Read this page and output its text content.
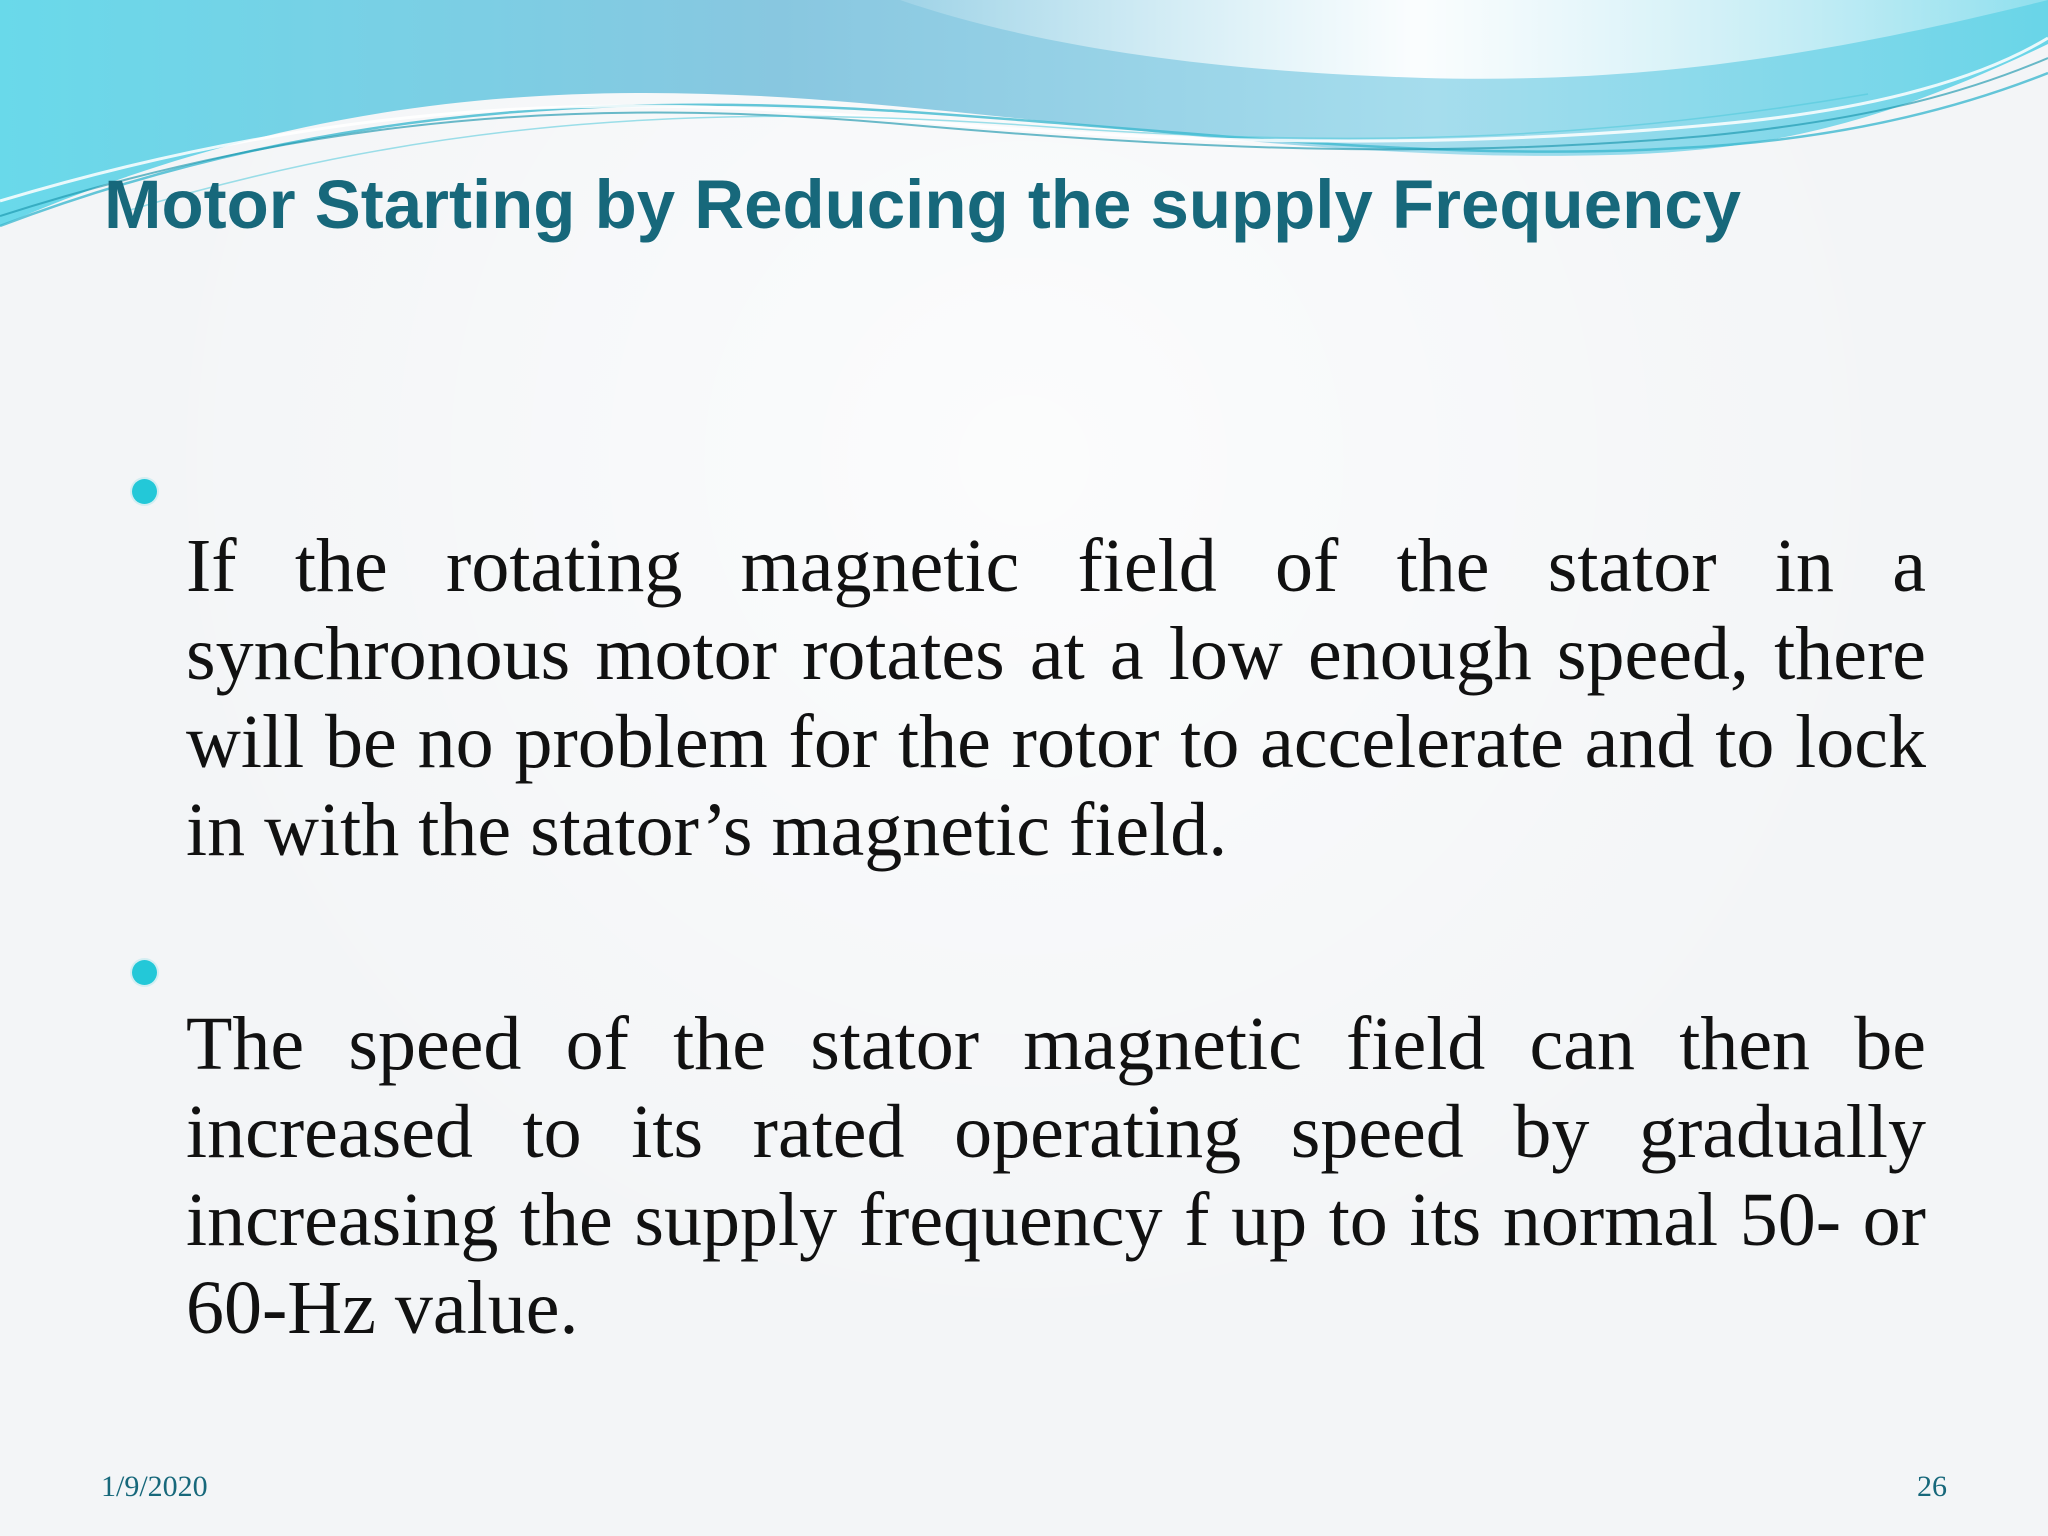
Motor Starting by Reducing the supply Frequency

If the rotating magnetic field of the stator in a synchronous motor rotates at a low enough speed, there will be no problem for the rotor to accelerate and to lock in with the stator’s magnetic field.

The speed of the stator magnetic field can then be increased to its rated operating speed by gradually increasing the supply frequency f up to its normal 50- or 60-Hz value.

1/9/2020	26
